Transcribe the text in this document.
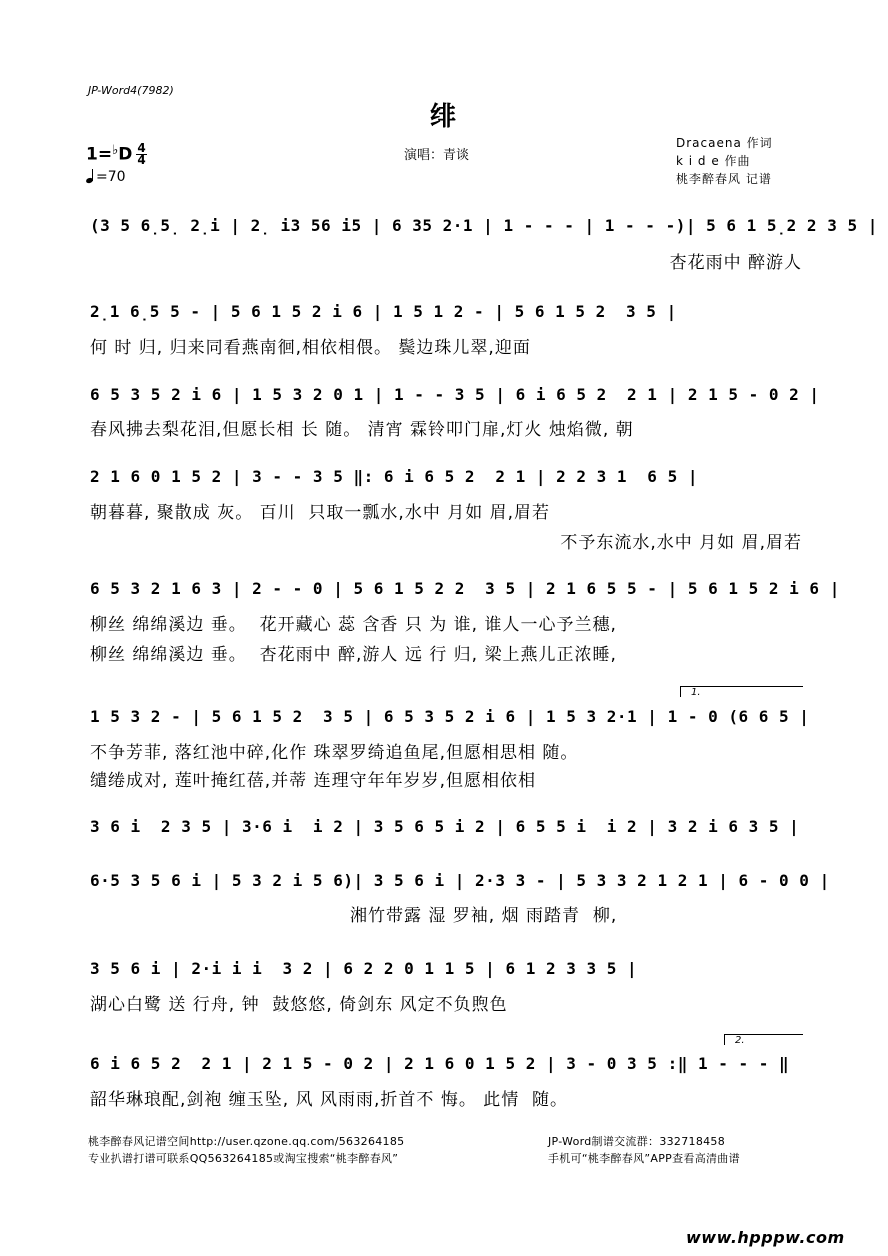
JP-Word4(7982)
绯
$1=^♭D \frac{4}{4}$
=70
演唱：青谈
Dracaena 作词
k i d e 作曲
桃李醉春风 记谱
(3 5 6̣5̣ 2̣i | 2̣ i3 56 i5 | 6 35 2·1 | 1 - - - | 1 - - -)| 5 6 1 5̣2 2 3 5 |
杏花雨中 醉游人
2̣1 6̣5 5 - | 5 6 1 5 2 i 6 | 1 5 1 2 - | 5 6 1 5 2  3 5 |
何 时 归, 归来同看燕南徊,相依相偎。 鬓边珠儿翠,迎面
6 5 3 5 2 i 6 | 1 5 3 2 0 1 | 1 - - 3 5 | 6 i 6 5 2  2 1 | 2 1 5 - 0 2 |
春风拂去梨花泪,但愿长相 长 随。 清宵 霖铃叩门扉,灯火 烛焰微, 朝
2 1 6 0 1 5 2 | 3 - - 3 5 ‖: 6 i 6 5 2  2 1 | 2 2 3 1  6 5 |
朝暮暮, 聚散成 灰。 百川  只取一瓢水,水中 月如 眉,眉若
不予东流水,水中 月如 眉,眉若
6 5 3 2 1 6 3 | 2 - - 0 | 5 6 1 5 2 2  3 5 | 2 1 6 5 5 - | 5 6 1 5 2 i 6 |
柳丝 绵绵溪边 垂。  花开藏心 蕊 含香 只 为 谁, 谁人一心予兰穗,
柳丝 绵绵溪边 垂。  杏花雨中 醉,游人 远 行 归, 梁上燕儿正浓睡,
1.
1 5 3 2 - | 5 6 1 5 2  3 5 | 6 5 3 5 2 i 6 | 1 5 3 2·1 | 1 - 0 (6 6 5 |
不争芳菲, 落红池中碎,化作 珠翠罗绮追鱼尾,但愿相思相 随。
缱绻成对, 莲叶掩红蓓,并蒂 连理守年年岁岁,但愿相依相
3 6 i  2 3 5 | 3·6 i  i 2 | 3 5 6 5 i 2 | 6 5 5 i  i 2 | 3 2 i 6 3 5 |
6·5 3 5 6 i | 5 3 2 i 5 6)| 3 5 6 i | 2·3 3 - | 5 3 3 2 1 2 1 | 6 - 0 0 |
湘竹带露 湿 罗袖, 烟 雨踏青  柳,
3 5 6 i | 2·i i i  3 2 | 6 2 2 0 1 1 5 | 6 1 2 3 3 5 |
湖心白鹭 送 行舟, 钟  鼓悠悠, 倚剑东 风定不负煦色
2.
6 i 6 5 2  2 1 | 2 1 5 - 0 2 | 2 1 6 0 1 5 2 | 3 - 0 3 5 :‖ 1 - - - ‖
韶华琳琅配,剑袍 缠玉坠, 风 风雨雨,折首不 悔。 此情  随。
桃李醉春风记谱空间http://user.qzone.qq.com/563264185
专业扒谱打谱可联系QQ563264185或淘宝搜索“桃李醉春风”
JP-Word制谱交流群：332718458
手机可“桃李醉春风”APP查看高清曲谱
www.hpppw.com
